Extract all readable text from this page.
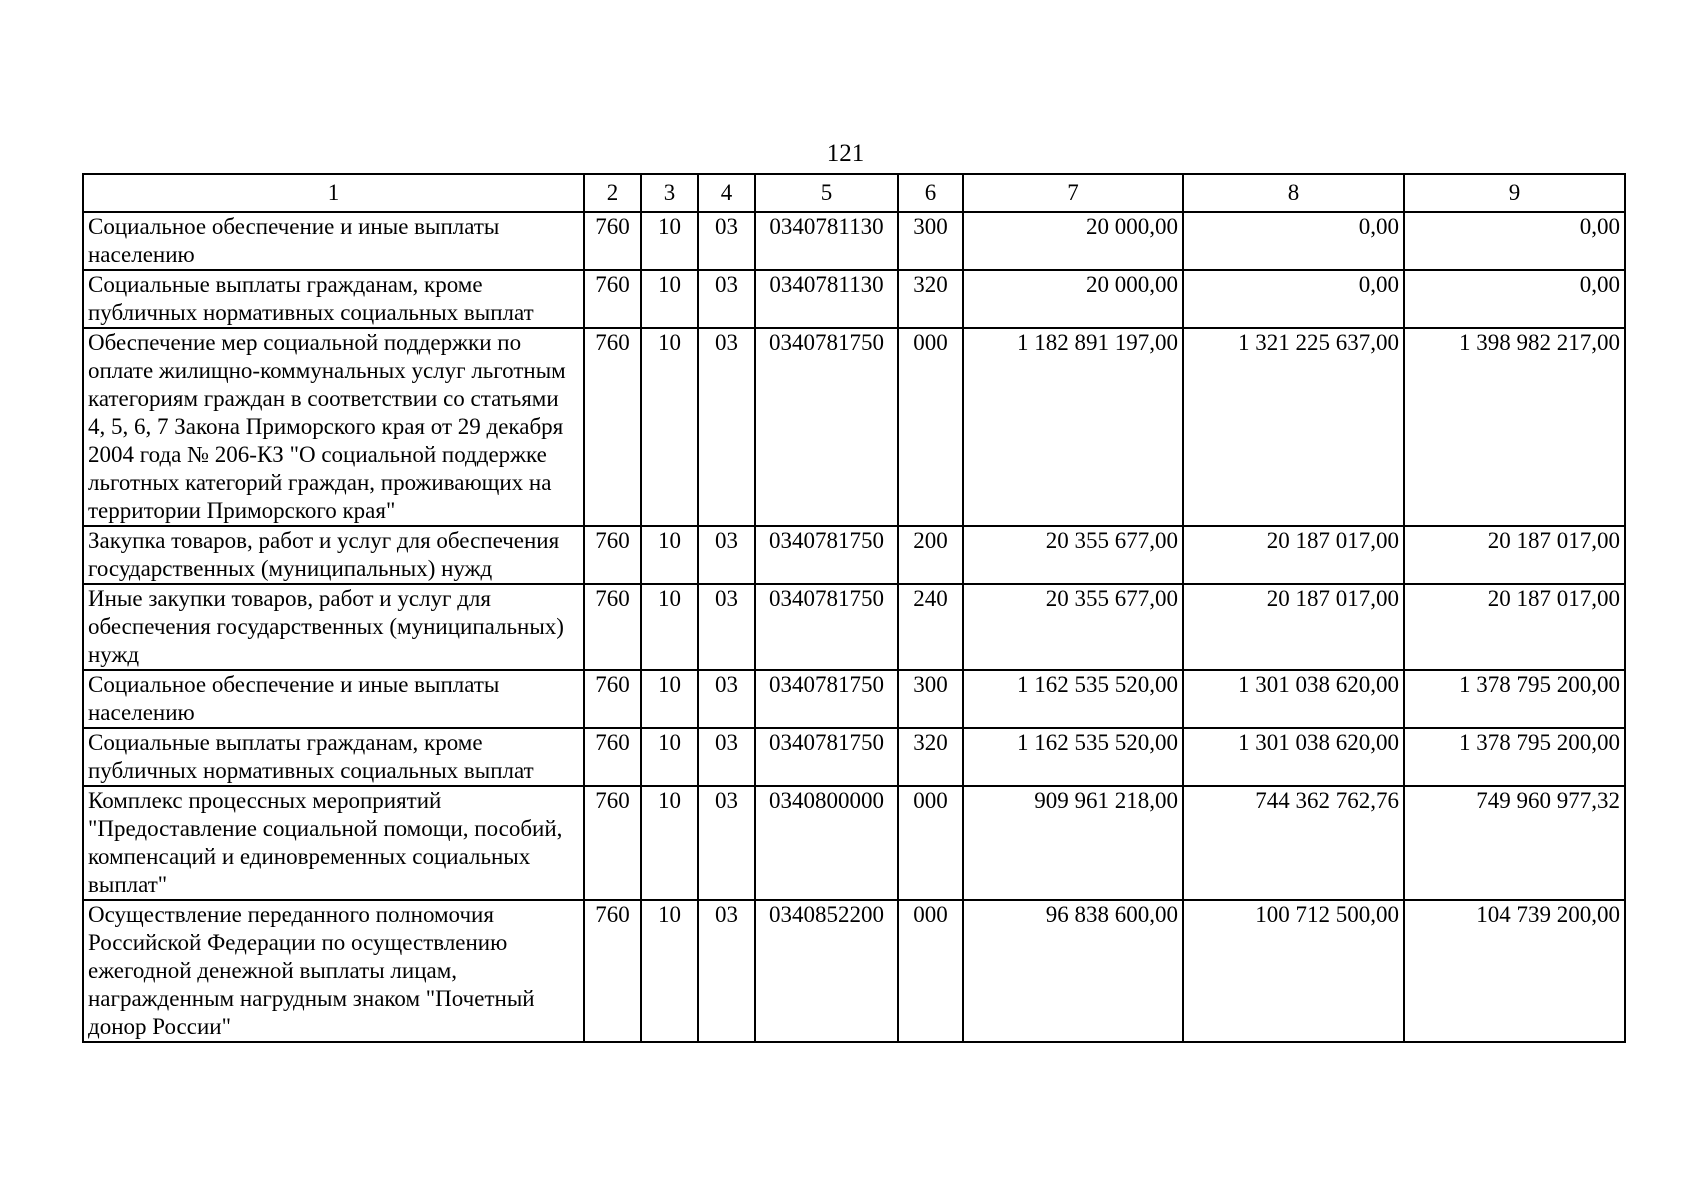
121
1	2	3	4	5	6	7	8	9
Социальное обеспечение и иные выплаты населению	760	10	03	0340781130	300	20 000,00	0,00	0,00
Социальные выплаты гражданам, кроме публичных нормативных социальных выплат	760	10	03	0340781130	320	20 000,00	0,00	0,00
Обеспечение мер социальной поддержки по оплате жилищно-коммунальных услуг льготным категориям граждан в соответствии со статьями 4, 5, 6, 7 Закона Приморского края от 29 декабря 2004 года № 206-КЗ "О социальной поддержке льготных категорий граждан, проживающих на территории Приморского края"	760	10	03	0340781750	000	1 182 891 197,00	1 321 225 637,00	1 398 982 217,00
Закупка товаров, работ и услуг для обеспечения государственных (муниципальных) нужд	760	10	03	0340781750	200	20 355 677,00	20 187 017,00	20 187 017,00
Иные закупки товаров, работ и услуг для обеспечения государственных (муниципальных) нужд	760	10	03	0340781750	240	20 355 677,00	20 187 017,00	20 187 017,00
Социальное обеспечение и иные выплаты населению	760	10	03	0340781750	300	1 162 535 520,00	1 301 038 620,00	1 378 795 200,00
Социальные выплаты гражданам, кроме публичных нормативных социальных выплат	760	10	03	0340781750	320	1 162 535 520,00	1 301 038 620,00	1 378 795 200,00
Комплекс процессных мероприятий "Предоставление социальной помощи, пособий, компенсаций и единовременных социальных выплат"	760	10	03	0340800000	000	909 961 218,00	744 362 762,76	749 960 977,32
Осуществление переданного полномочия Российской Федерации по осуществлению ежегодной денежной выплаты лицам, награжденным нагрудным знаком "Почетный донор России"	760	10	03	0340852200	000	96 838 600,00	100 712 500,00	104 739 200,00
